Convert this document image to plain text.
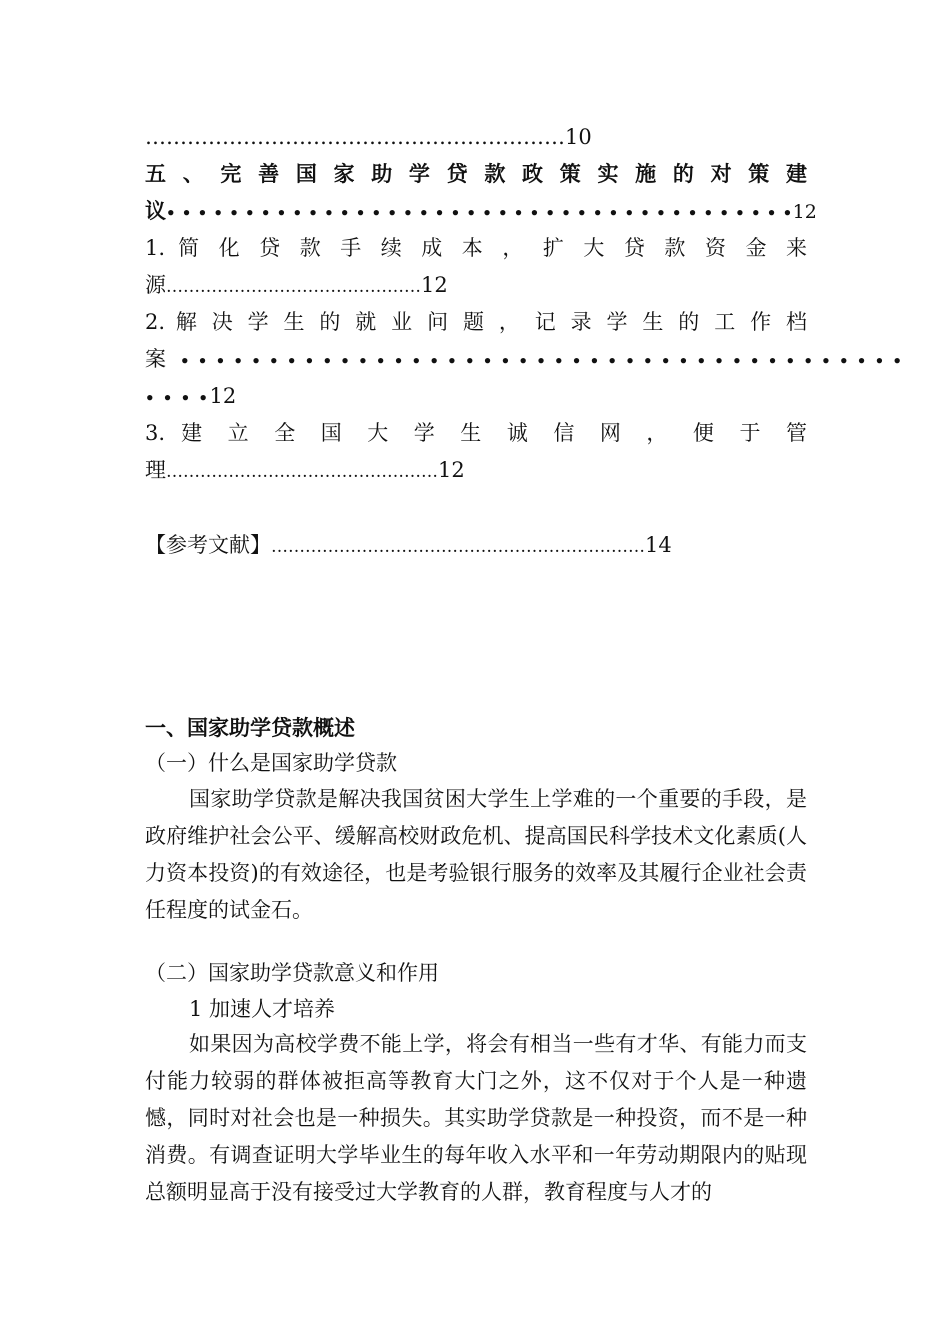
……………………………………………………10
五 、 完 善 国 家 助 学 贷 款 政 策 实 施 的 对 策 建
议• • • • • • • • • • • • • • • • • • • • • • • • • • • • • • • • • • • • • • • •12
1. 简 化 贷 款 手 续 成 本 ， 扩 大 贷 款 资 金 来
源………………………………………12
2. 解 决 学 生 的 就 业 问 题 ， 记 录 学 生 的 工 作 档
案 • • • • • • • • • • • • • • • • • • • • • • • • • • • • • • • • • • • • • • • • •
• • • •12
3. 建 立 全 国 大 学 生 诚 信 网 ， 便 于 管
理…………………………………………12
【参考文献】…………………………………………………………14
一、国家助学贷款概述
（一）什么是国家助学贷款
国家助学贷款是解决我国贫困大学生上学难的一个重要的手段，是政府维护社会公平、缓解高校财政危机、提高国民科学技术文化素质(人力资本投资)的有效途径，也是考验银行服务的效率及其履行企业社会责任程度的试金石。
（二）国家助学贷款意义和作用
1 加速人才培养
如果因为高校学费不能上学，将会有相当一些有才华、有能力而支付能力较弱的群体被拒高等教育大门之外，这不仅对于个人是一种遗憾，同时对社会也是一种损失。其实助学贷款是一种投资，而不是一种消费。有调查证明大学毕业生的每年收入水平和一年劳动期限内的贴现总额明显高于没有接受过大学教育的人群，教育程度与人才的
